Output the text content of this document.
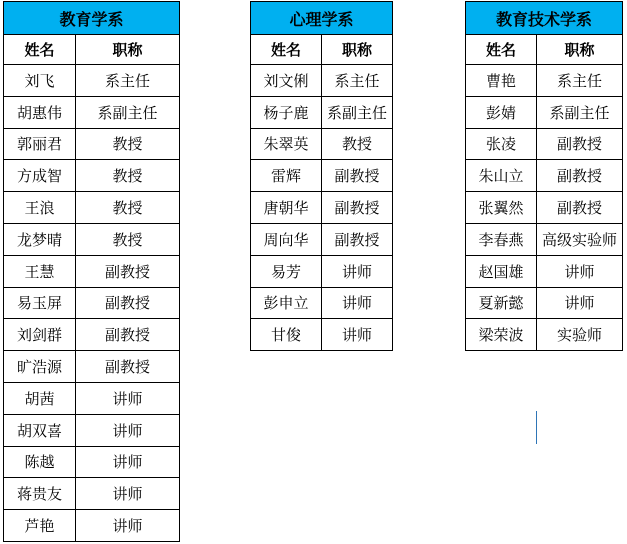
教育学系	
姓名	职称
刘飞	系主任
胡惠伟	系副主任
郭丽君	教授
方成智	教授
王浪	教授
龙梦晴	教授
王慧	副教授
易玉屏	副教授
刘剑群	副教授
旷浩源	副教授
胡茜	讲师
胡双喜	讲师
陈越	讲师
蒋贵友	讲师
芦艳	讲师
心理学系	
姓名	职称
刘文俐	系主任
杨子鹿	系副主任
朱翠英	教授
雷辉	副教授
唐朝华	副教授
周向华	副教授
易芳	讲师
彭申立	讲师
甘俊	讲师
教育技术学系	
姓名	职称
曹艳	系主任
彭婧	系副主任
张凌	副教授
朱山立	副教授
张翼然	副教授
李春燕	高级实验师
赵国雄	讲师
夏新懿	讲师
梁荣波	实验师
